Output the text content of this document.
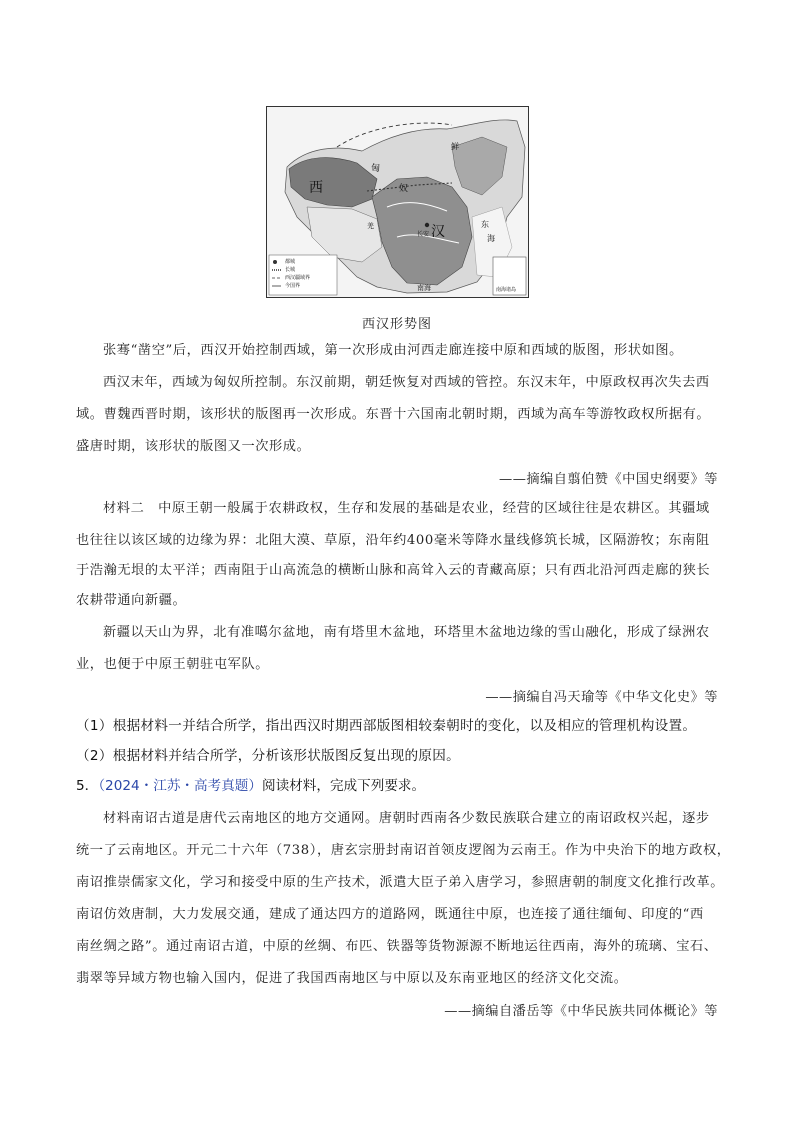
西
汉
匈
奴
鲜
东
海
南海
长安
羌
都城
长城
西汉疆域界
今国界
南海诸岛
西汉形势图
张骞“凿空”后，西汉开始控制西域，第一次形成由河西走廊连接中原和西域的版图，形状如图。
西汉末年，西域为匈奴所控制。东汉前期，朝廷恢复对西域的管控。东汉末年，中原政权再次失去西
域。曹魏西晋时期，该形状的版图再一次形成。东晋十六国南北朝时期，西域为高车等游牧政权所据有。
盛唐时期，该形状的版图又一次形成。
——摘编自翦伯赞《中国史纲要》等
材料二　中原王朝一般属于农耕政权，生存和发展的基础是农业，经营的区域往往是农耕区。其疆域
也往往以该区域的边缘为界：北阻大漠、草原，沿年约400毫米等降水量线修筑长城，区隔游牧；东南阻
于浩瀚无垠的太平洋；西南阻于山高流急的横断山脉和高耸入云的青藏高原；只有西北沿河西走廊的狭长
农耕带通向新疆。
新疆以天山为界，北有准噶尔盆地，南有塔里木盆地，环塔里木盆地边缘的雪山融化，形成了绿洲农
业，也便于中原王朝驻屯军队。
——摘编自冯天瑜等《中华文化史》等
（1）根据材料一并结合所学，指出西汉时期西部版图相较秦朝时的变化，以及相应的管理机构设置。
（2）根据材料并结合所学，分析该形状版图反复出现的原因。
5．（2024・江苏・高考真题）阅读材料，完成下列要求。
材料南诏古道是唐代云南地区的地方交通网。唐朝时西南各少数民族联合建立的南诏政权兴起，逐步
统一了云南地区。开元二十六年（738），唐玄宗册封南诏首领皮逻阁为云南王。作为中央治下的地方政权，
南诏推崇儒家文化，学习和接受中原的生产技术，派遣大臣子弟入唐学习，参照唐朝的制度文化推行改革。
南诏仿效唐制，大力发展交通，建成了通达四方的道路网，既通往中原，也连接了通往缅甸、印度的“西
南丝绸之路”。通过南诏古道，中原的丝绸、布匹、铁器等货物源源不断地运往西南，海外的琉璃、宝石、
翡翠等异域方物也输入国内，促进了我国西南地区与中原以及东南亚地区的经济文化交流。
——摘编自潘岳等《中华民族共同体概论》等
